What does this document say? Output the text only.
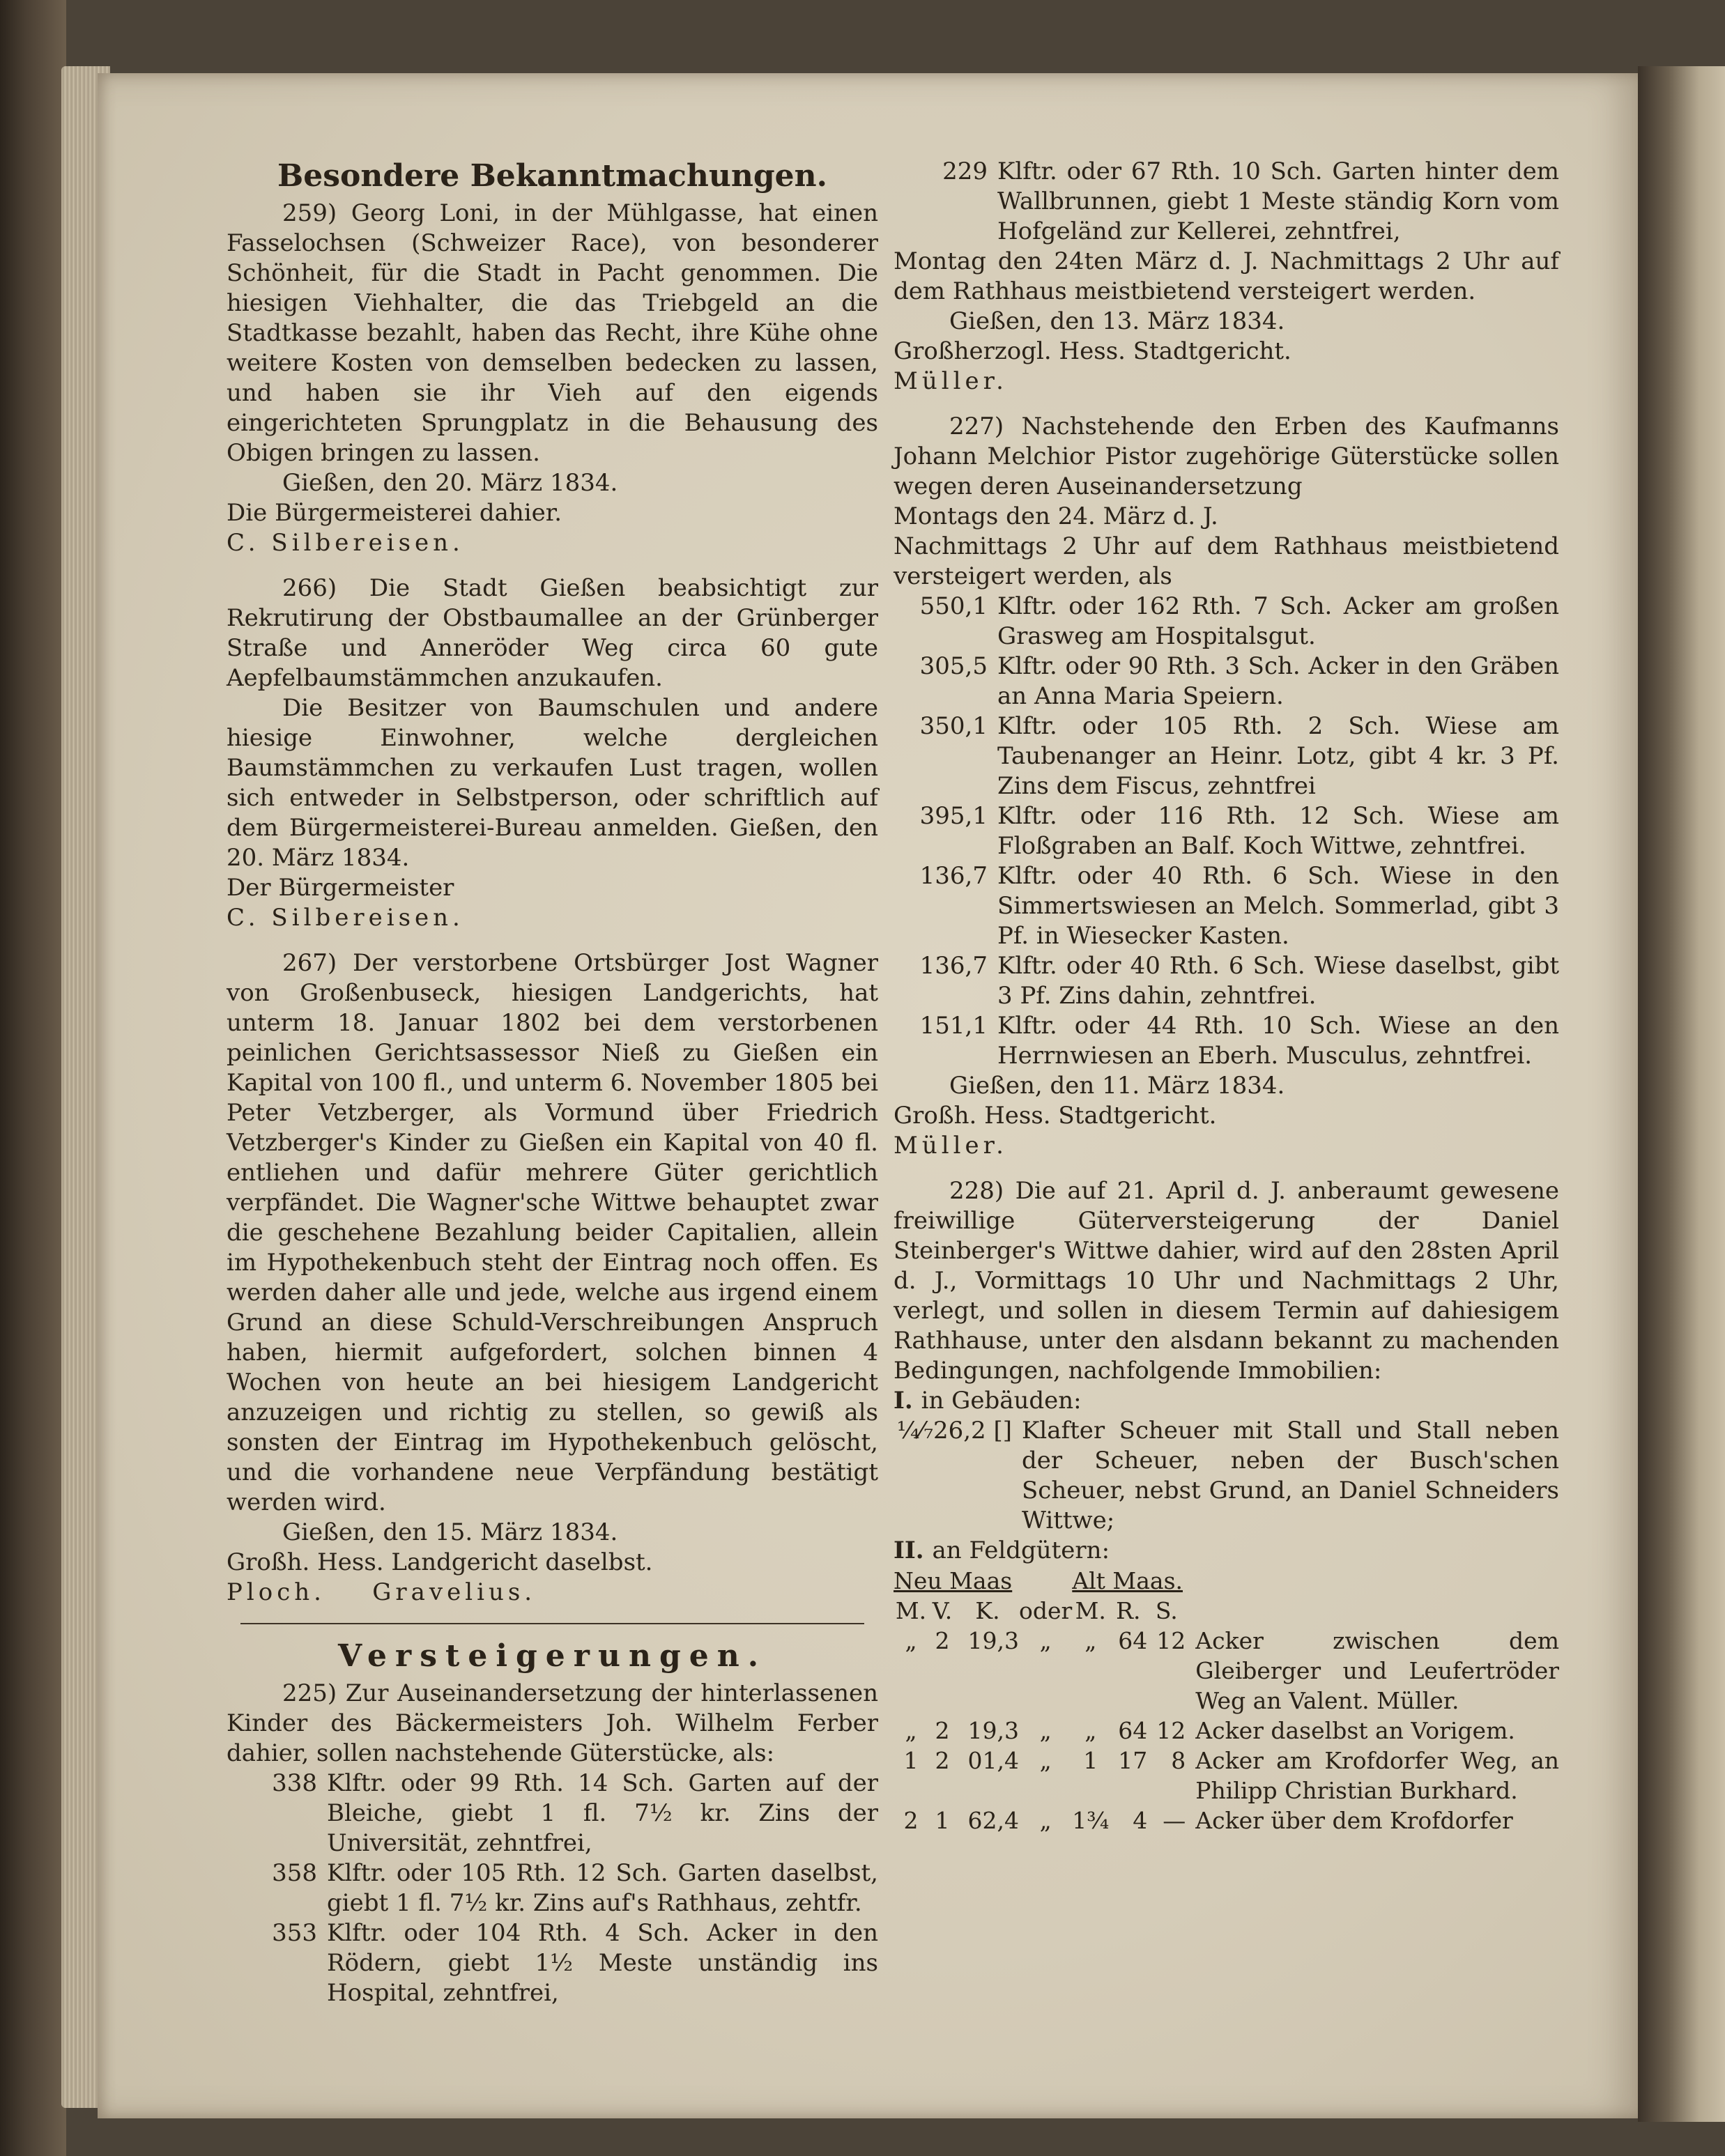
Besondere Bekanntmachungen.

259) Georg Loni, in der Mühlgasse, hat einen Fasselochsen (Schweizer Race), von besonderer Schönheit, für die Stadt in Pacht genommen. Die hiesigen Viehhalter, die das Triebgeld an die Stadtkasse bezahlt, haben das Recht, ihre Kühe ohne weitere Kosten von demselben bedecken zu lassen, und haben sie ihr Vieh auf den eigends eingerichteten Sprungplatz in die Behausung des Obigen bringen zu lassen.

Gießen, den 20. März 1834.

Die Bürgermeisterei dahier.

C. Silbereisen.

266) Die Stadt Gießen beabsichtigt zur Rekrutirung der Obstbaumallee an der Grünberger Straße und Anneröder Weg circa 60 gute Aepfelbaumstämmchen anzukaufen.

Die Besitzer von Baumschulen und andere hiesige Einwohner, welche dergleichen Baumstämmchen zu verkaufen Lust tragen, wollen sich entweder in Selbstperson, oder schriftlich auf dem Bürgermeisterei-Bureau anmelden. Gießen, den 20. März 1834.

Der Bürgermeister

C. Silbereisen.

267) Der verstorbene Ortsbürger Jost Wagner von Großenbuseck, hiesigen Landgerichts, hat unterm 18. Januar 1802 bei dem verstorbenen peinlichen Gerichtsassessor Nieß zu Gießen ein Kapital von 100 fl., und unterm 6. November 1805 bei Peter Vetzberger, als Vormund über Friedrich Vetzberger's Kinder zu Gießen ein Kapital von 40 fl. entliehen und dafür mehrere Güter gerichtlich verpfändet. Die Wagner'sche Wittwe behauptet zwar die geschehene Bezahlung beider Capitalien, allein im Hypothekenbuch steht der Eintrag noch offen. Es werden daher alle und jede, welche aus irgend einem Grund an diese Schuld-Verschreibungen Anspruch haben, hiermit aufgefordert, solchen binnen 4 Wochen von heute an bei hiesigem Landgericht anzuzeigen und richtig zu stellen, so gewiß als sonsten der Eintrag im Hypothekenbuch gelöscht, und die vorhandene neue Verpfändung bestätigt werden wird.

Gießen, den 15. März 1834.

Großh. Hess. Landgericht daselbst.

Ploch.    Gravelius.

Versteigerungen.

225) Zur Auseinandersetzung der hinterlassenen Kinder des Bäckermeisters Joh. Wilhelm Ferber dahier, sollen nachstehende Güterstücke, als:

338 Klftr. oder 99 Rth. 14 Sch. Garten auf der Bleiche, giebt 1 fl. 7½ kr. Zins der Universität, zehntfrei,
358 Klftr. oder 105 Rth. 12 Sch. Garten daselbst, giebt 1 fl. 7½ kr. Zins auf's Rathhaus, zehtfr.
353 Klftr. oder 104 Rth. 4 Sch. Acker in den Rödern, giebt 1½ Meste unständig ins Hospital, zehntfrei,
229 Klftr. oder 67 Rth. 10 Sch. Garten hinter dem Wallbrunnen, giebt 1 Meste ständig Korn vom Hofgeländ zur Kellerei, zehntfrei,

Montag den 24ten März d. J. Nachmittags 2 Uhr auf dem Rathhaus meistbietend versteigert werden.

Gießen, den 13. März 1834.

Großherzogl. Hess. Stadtgericht.

Müller.

227) Nachstehende den Erben des Kaufmanns Johann Melchior Pistor zugehörige Güterstücke sollen wegen deren Auseinandersetzung

Montags den 24. März d. J.

Nachmittags 2 Uhr auf dem Rathhaus meistbietend versteigert werden, als

550,1 Klftr. oder 162 Rth. 7 Sch. Acker am großen Grasweg am Hospitalsgut.
305,5 Klftr. oder 90 Rth. 3 Sch. Acker in den Gräben an Anna Maria Speiern.
350,1 Klftr. oder 105 Rth. 2 Sch. Wiese am Taubenanger an Heinr. Lotz, gibt 4 kr. 3 Pf. Zins dem Fiscus, zehntfrei
395,1 Klftr. oder 116 Rth. 12 Sch. Wiese am Floßgraben an Balf. Koch Wittwe, zehntfrei.
136,7 Klftr. oder 40 Rth. 6 Sch. Wiese in den Simmertswiesen an Melch. Sommerlad, gibt 3 Pf. in Wiesecker Kasten.
136,7 Klftr. oder 40 Rth. 6 Sch. Wiese daselbst, gibt 3 Pf. Zins dahin, zehntfrei.
151,1 Klftr. oder 44 Rth. 10 Sch. Wiese an den Herrnwiesen an Eberh. Musculus, zehntfrei.

Gießen, den 11. März 1834.

Großh. Hess. Stadtgericht.

Müller.

228) Die auf 21. April d. J. anberaumt gewesene freiwillige Güterversteigerung der Daniel Steinberger's Wittwe dahier, wird auf den 28sten April d. J., Vormittags 10 Uhr und Nachmittags 2 Uhr, verlegt, und sollen in diesem Termin auf dahiesigem Rathhause, unter den alsdann bekannt zu machenden Bedingungen, nachfolgende Immobilien:

I. in Gebäuden:

¼⁄₇26,2 [] Klafter Scheuer mit Stall und Stall neben der Scheuer, neben der Busch'schen Scheuer, nebst Grund, an Daniel Schneiders Wittwe;

II. an Feldgütern:

Neu Maas				Alt Maas.			
M.	V.	K.	oder	M.	R.	S.	
„	2	19,3	„	„	64	12	Acker zwischen dem Gleiberger und Leufertröder Weg an Valent. Müller.
„	2	19,3	„	„	64	12	Acker daselbst an Vorigem.
1	2	01,4	„	1	17	8	Acker am Krofdorfer Weg, an Philipp Christian Burkhard.
2	1	62,4	„	1¾	4	—	Acker über dem Krofdorfer
